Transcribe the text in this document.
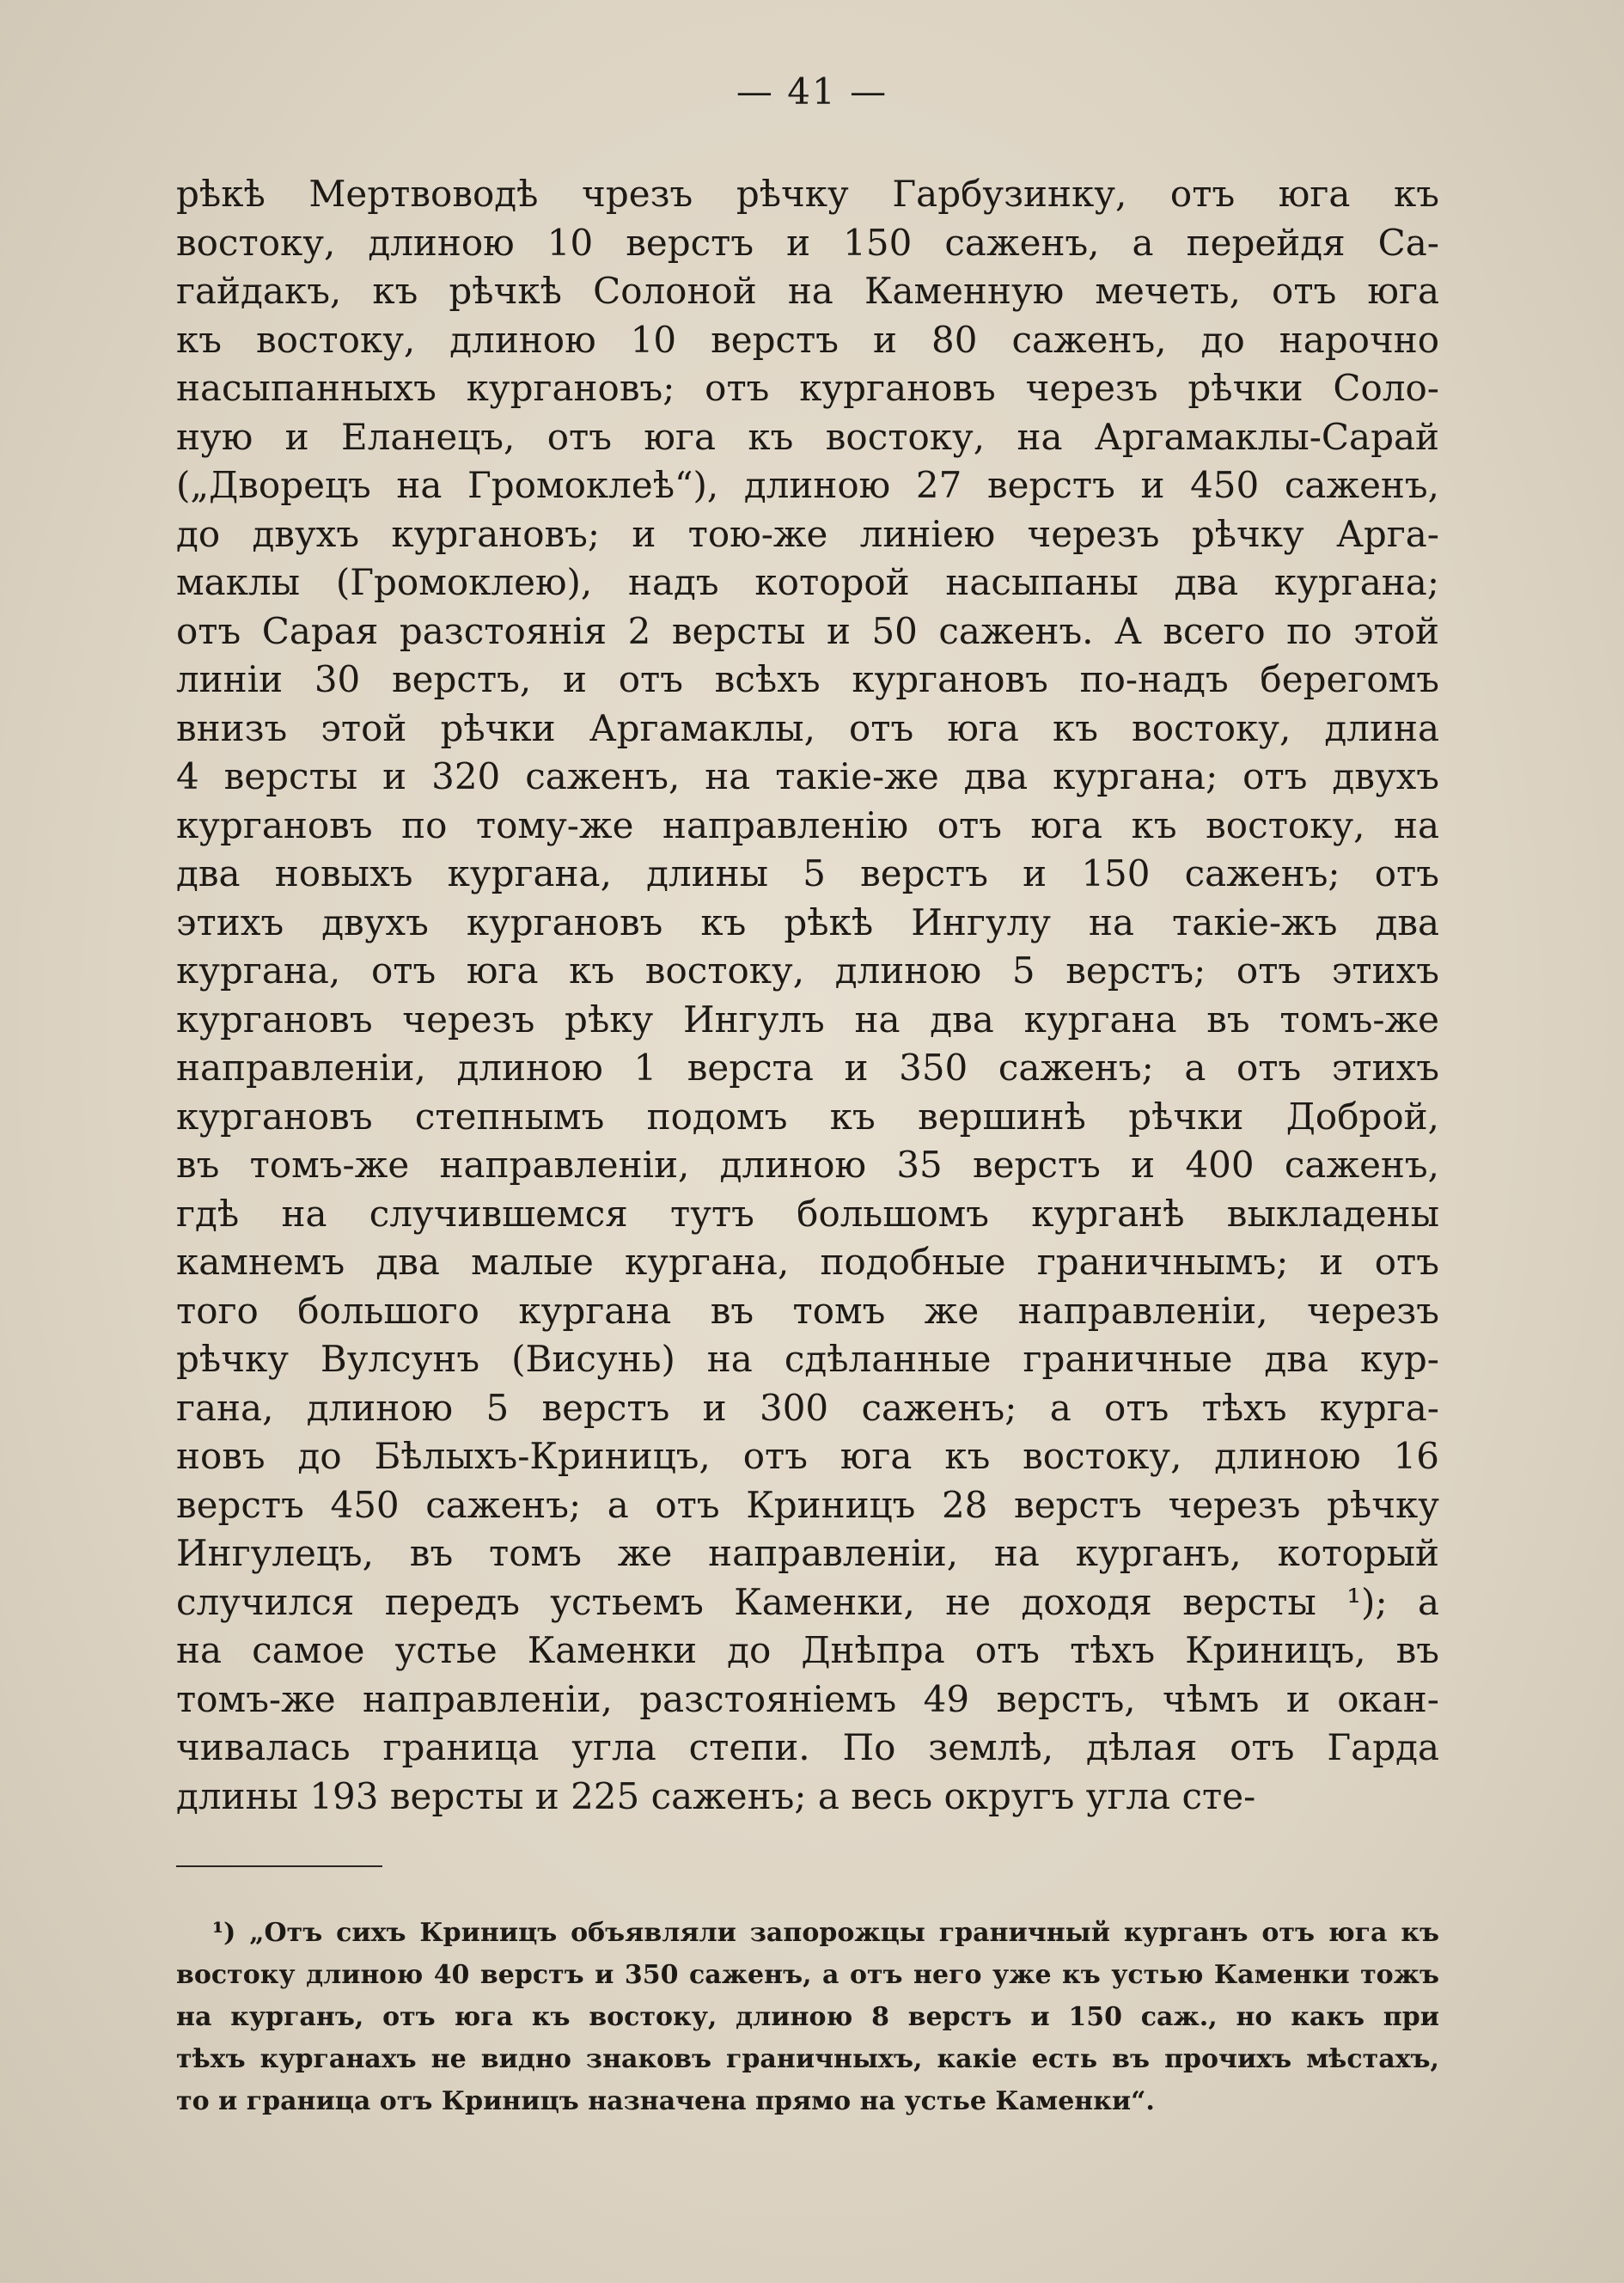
— 41 —
рѣкѣ Мертвоводѣ чрезъ рѣчку Гарбузинку, отъ юга къ
востоку, длиною 10 верстъ и 150 саженъ, а перейдя Са-
гайдакъ, къ рѣчкѣ Солоной на Каменную мечеть, отъ юга
къ востоку, длиною 10 верстъ и 80 саженъ, до нарочно
насыпанныхъ кургановъ; отъ кургановъ черезъ рѣчки Соло-
ную и Еланецъ, отъ юга къ востоку, на Аргамаклы-Сарай
(„Дворецъ на Громоклеѣ“), длиною 27 верстъ и 450 саженъ,
до двухъ кургановъ; и тою-же линіею черезъ рѣчку Арга-
маклы (Громоклею), надъ которой насыпаны два кургана;
отъ Сарая разстоянія 2 версты и 50 саженъ. А всего по этой
линіи 30 верстъ, и отъ всѣхъ кургановъ по-надъ берегомъ
внизъ этой рѣчки Аргамаклы, отъ юга къ востоку, длина
4 версты и 320 саженъ, на такіе-же два кургана; отъ двухъ
кургановъ по тому-же направленію отъ юга къ востоку, на
два новыхъ кургана, длины 5 верстъ и 150 саженъ; отъ
этихъ двухъ кургановъ къ рѣкѣ Ингулу на такіе-жъ два
кургана, отъ юга къ востоку, длиною 5 верстъ; отъ этихъ
кургановъ черезъ рѣку Ингулъ на два кургана въ томъ-же
направленіи, длиною 1 верста и 350 саженъ; а отъ этихъ
кургановъ степнымъ подомъ къ вершинѣ рѣчки Доброй,
въ томъ-же направленіи, длиною 35 верстъ и 400 саженъ,
гдѣ на случившемся тутъ большомъ курганѣ выкладены
камнемъ два малые кургана, подобные граничнымъ; и отъ
того большого кургана въ томъ же направленіи, черезъ
рѣчку Вулсунъ (Висунь) на сдѣланные граничные два кур-
гана, длиною 5 верстъ и 300 саженъ; а отъ тѣхъ курга-
новъ до Бѣлыхъ-Криницъ, отъ юга къ востоку, длиною 16
верстъ 450 саженъ; а отъ Криницъ 28 верстъ черезъ рѣчку
Ингулецъ, въ томъ же направленіи, на курганъ, который
случился передъ устьемъ Каменки, не доходя версты ¹); а
на самое устье Каменки до Днѣпра отъ тѣхъ Криницъ, въ
томъ-же направленіи, разстояніемъ 49 верстъ, чѣмъ и окан-
чивалась граница угла степи. По землѣ, дѣлая отъ Гарда
длины 193 версты и 225 саженъ; а весь округъ угла сте-
¹) „Отъ сихъ Криницъ объявляли запорожцы граничный курганъ отъ юга къ
востоку длиною 40 верстъ и 350 саженъ, а отъ него уже къ устью Каменки тожъ
на курганъ, отъ юга къ востоку, длиною 8 верстъ и 150 саж., но какъ при
тѣхъ курганахъ не видно знаковъ граничныхъ, какіе есть въ прочихъ мѣстахъ,
то и граница отъ Криницъ назначена прямо на устье Каменки“.
